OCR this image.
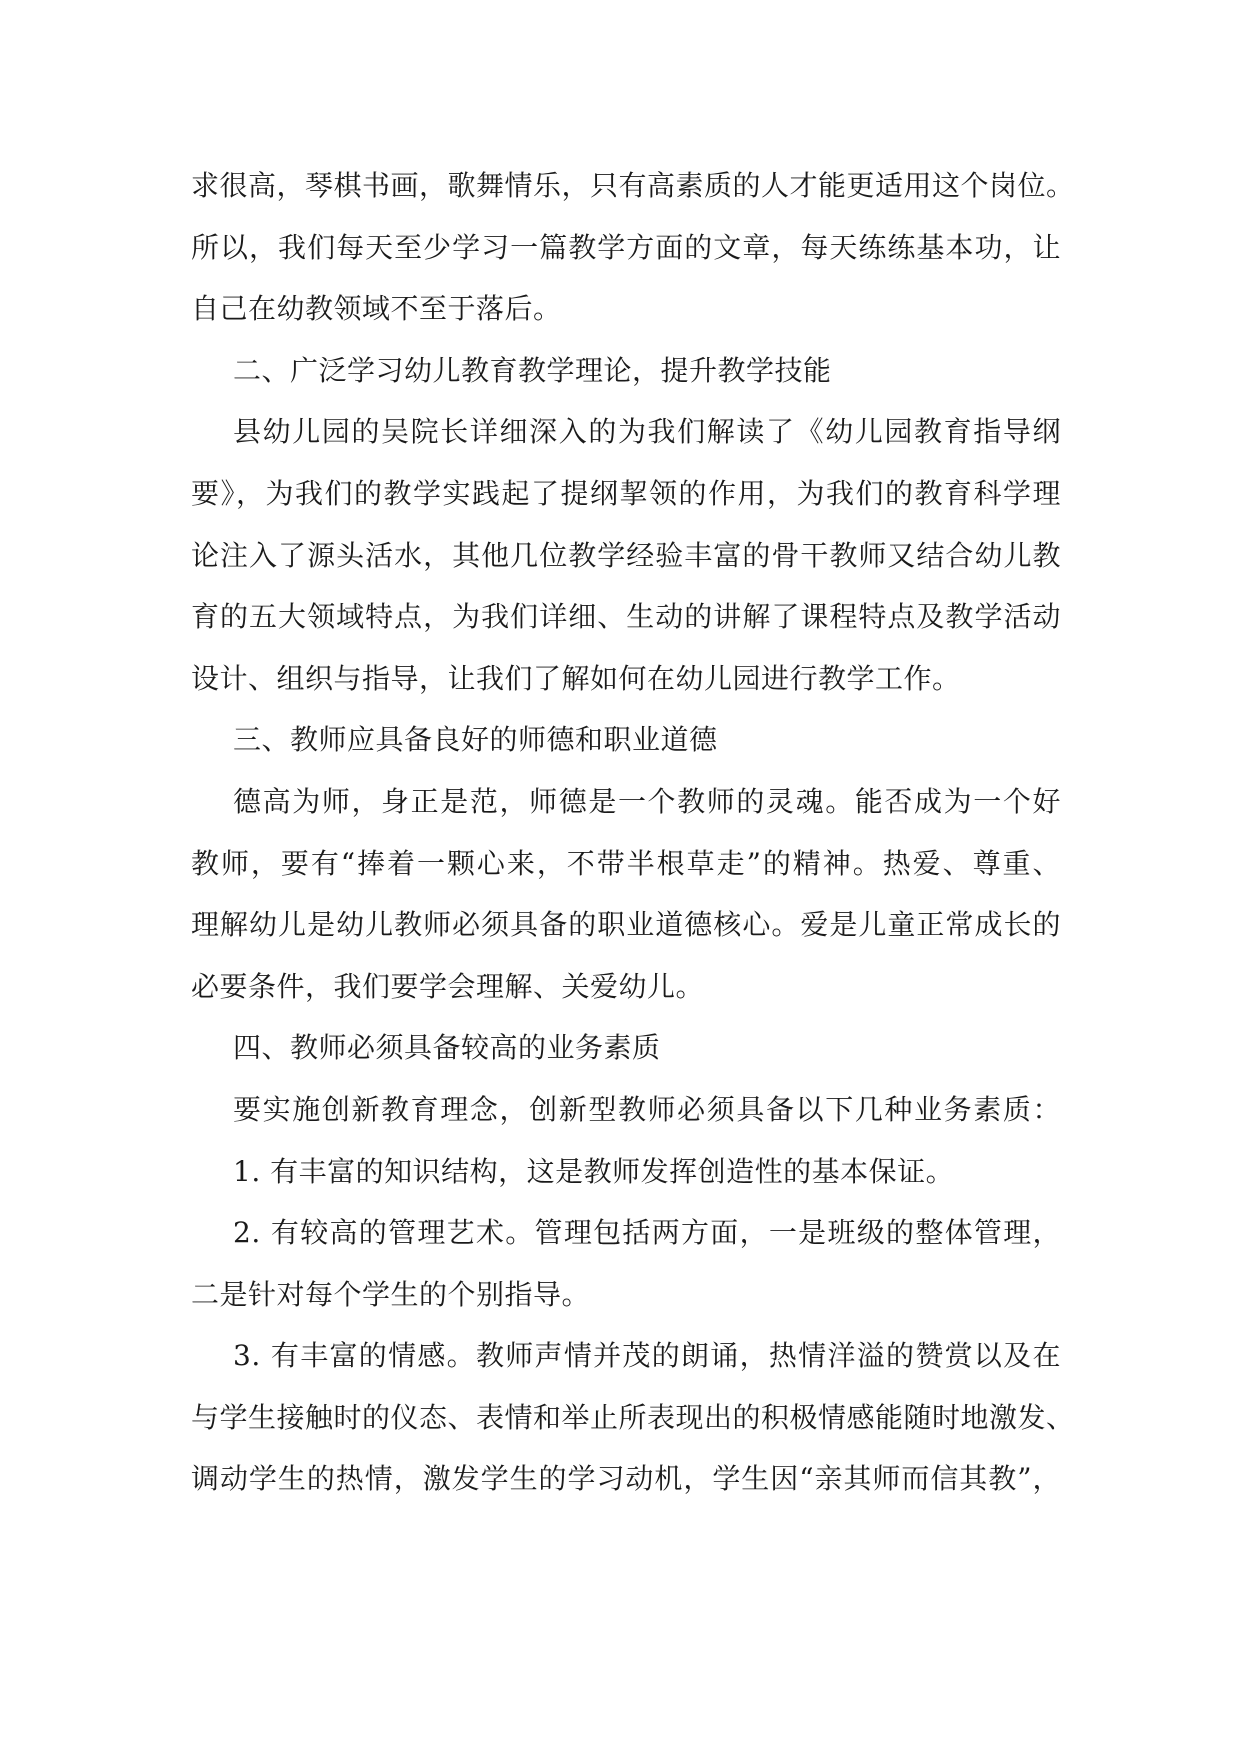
求很高，琴棋书画，歌舞情乐，只有高素质的人才能更适用这个岗位。
所以，我们每天至少学习一篇教学方面的文章，每天练练基本功，让
自己在幼教领域不至于落后。
二、广泛学习幼儿教育教学理论，提升教学技能
县幼儿园的吴院长详细深入的为我们解读了《幼儿园教育指导纲
要》，为我们的教学实践起了提纲挈领的作用，为我们的教育科学理
论注入了源头活水，其他几位教学经验丰富的骨干教师又结合幼儿教
育的五大领域特点，为我们详细、生动的讲解了课程特点及教学活动
设计、组织与指导，让我们了解如何在幼儿园进行教学工作。
三、教师应具备良好的师德和职业道德
德高为师，身正是范，师德是一个教师的灵魂。能否成为一个好
教师，要有“捧着一颗心来，不带半根草走”的精神。热爱、尊重、
理解幼儿是幼儿教师必须具备的职业道德核心。爱是儿童正常成长的
必要条件，我们要学会理解、关爱幼儿。
四、教师必须具备较高的业务素质
要实施创新教育理念，创新型教师必须具备以下几种业务素质：
1. 有丰富的知识结构，这是教师发挥创造性的基本保证。
2. 有较高的管理艺术。管理包括两方面，一是班级的整体管理，
二是针对每个学生的个别指导。
3. 有丰富的情感。教师声情并茂的朗诵，热情洋溢的赞赏以及在
与学生接触时的仪态、表情和举止所表现出的积极情感能随时地激发、
调动学生的热情，激发学生的学习动机，学生因“亲其师而信其教”，
